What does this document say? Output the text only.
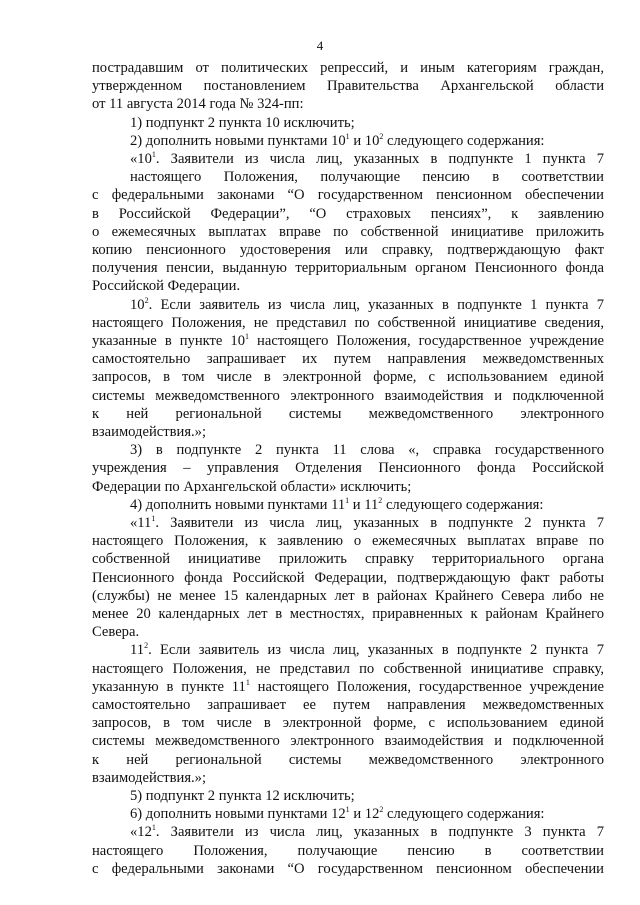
4
пострадавшим от политических репрессий, и иным категориям граждан,
утвержденном постановлением Правительства Архангельской области
от 11 августа 2014 года № 324-пп:
1) подпункт 2 пункта 10 исключить;
2) дополнить новыми пунктами $10^1$ и $10^2$ следующего содержания:
«$10^1$. Заявители из числа лиц, указанных в подпункте 1 пункта 7
настоящего Положения, получающие пенсию в соответствии
с федеральными законами “О государственном пенсионном обеспечении
в Российской Федерации”, “О страховых пенсиях”, к заявлению
о ежемесячных выплатах вправе по собственной инициативе приложить
копию пенсионного удостоверения или справку, подтверждающую факт
получения пенсии, выданную территориальным органом Пенсионного фонда
Российской Федерации.
$10^2$. Если заявитель из числа лиц, указанных в подпункте 1 пункта 7
настоящего Положения, не представил по собственной инициативе сведения,
указанные в пункте $10^1$ настоящего Положения, государственное учреждение
самостоятельно запрашивает их путем направления межведомственных
запросов, в том числе в электронной форме, с использованием единой
системы межведомственного электронного взаимодействия и подключенной
к ней региональной системы межведомственного электронного
взаимодействия.»;
3) в подпункте 2 пункта 11 слова «, справка государственного
учреждения – управления Отделения Пенсионного фонда Российской
Федерации по Архангельской области» исключить;
4) дополнить новыми пунктами $11^1$ и $11^2$ следующего содержания:
«$11^1$. Заявители из числа лиц, указанных в подпункте 2 пункта 7
настоящего Положения, к заявлению о ежемесячных выплатах вправе по
собственной инициативе приложить справку территориального органа
Пенсионного фонда Российской Федерации, подтверждающую факт работы
(службы) не менее 15 календарных лет в районах Крайнего Севера либо не
менее 20 календарных лет в местностях, приравненных к районам Крайнего
Севера.
$11^2$. Если заявитель из числа лиц, указанных в подпункте 2 пункта 7
настоящего Положения, не представил по собственной инициативе справку,
указанную в пункте $11^1$ настоящего Положения, государственное учреждение
самостоятельно запрашивает ее путем направления межведомственных
запросов, в том числе в электронной форме, с использованием единой
системы межведомственного электронного взаимодействия и подключенной
к ней региональной системы межведомственного электронного
взаимодействия.»;
5) подпункт 2 пункта 12 исключить;
6) дополнить новыми пунктами $12^1$ и $12^2$ следующего содержания:
«$12^1$. Заявители из числа лиц, указанных в подпункте 3 пункта 7
настоящего Положения, получающие пенсию в соответствии
с федеральными законами “О государственном пенсионном обеспечении
